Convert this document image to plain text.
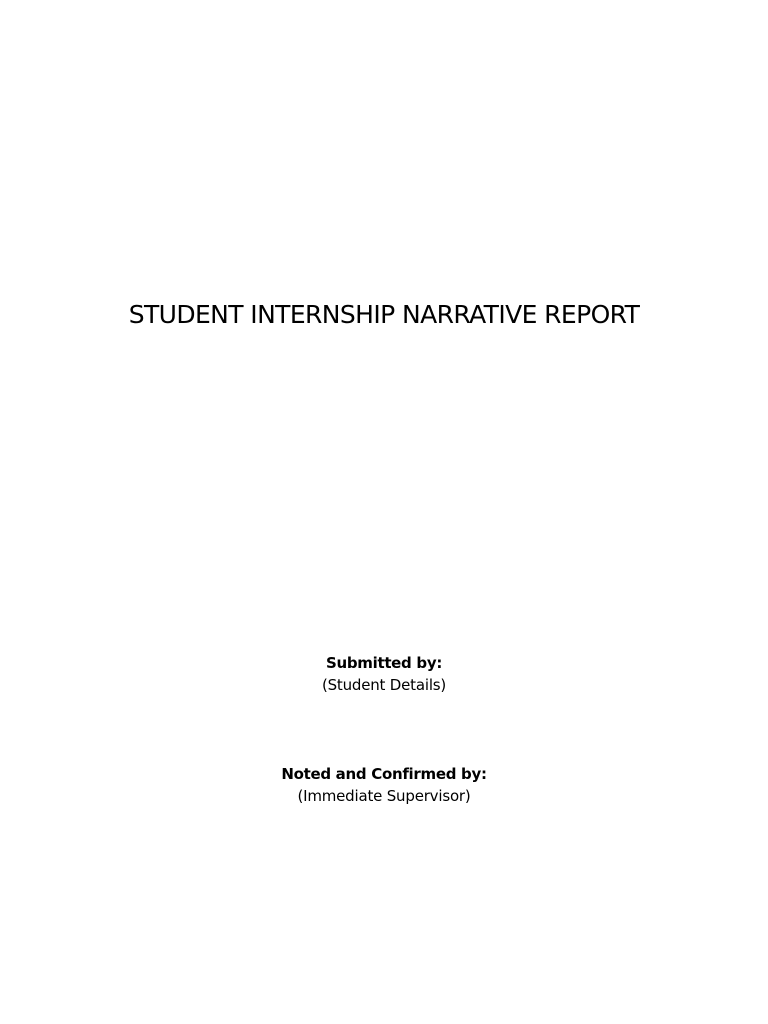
STUDENT INTERNSHIP NARRATIVE REPORT
Submitted by:
(Student Details)
Noted and Confirmed by:
(Immediate Supervisor)
